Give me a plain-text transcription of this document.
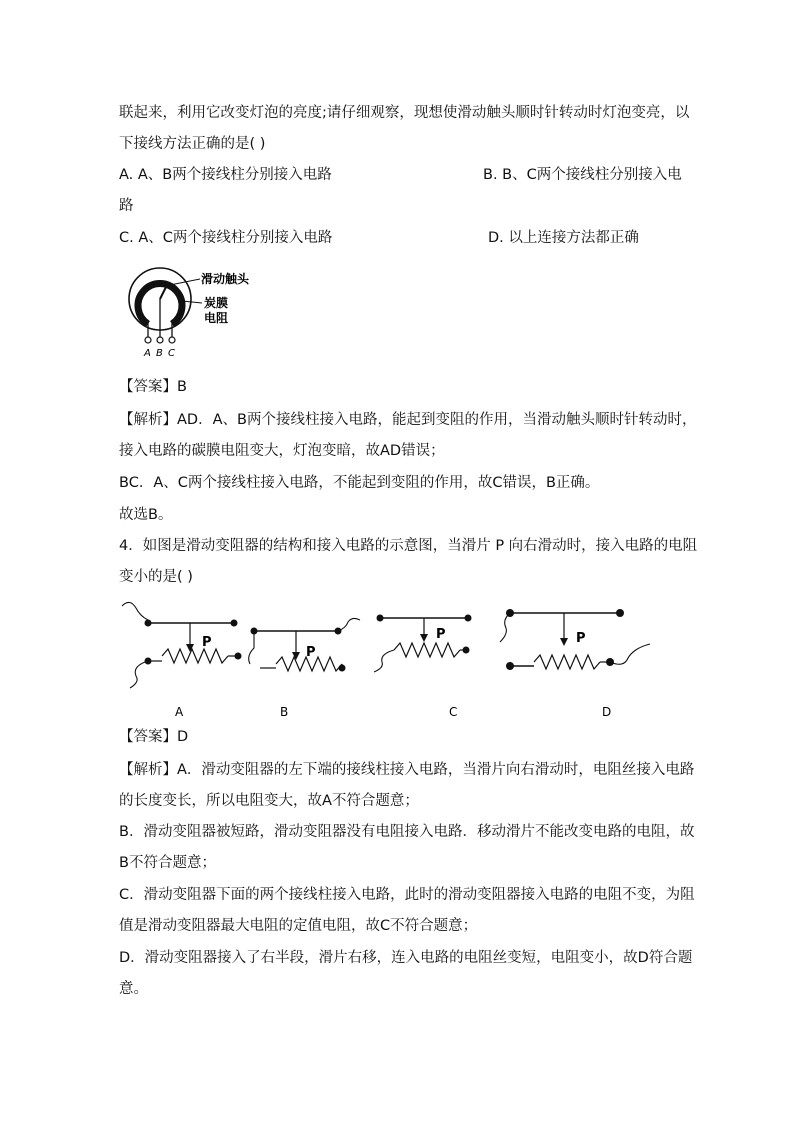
联起来，利用它改变灯泡的亮度;请仔细观察，现想使滑动触头顺时针转动时灯泡变亮，以
下接线方法正确的是( )
A. A、B两个接线柱分别接入电路	B. B、C两个接线柱分别接入电
路
C. A、C两个接线柱分别接入电路	D. 以上连接方法都正确
滑动触头
炭膜
电阻
A B C
【答案】B
【解析】AD．A、B两个接线柱接入电路，能起到变阻的作用，当滑动触头顺时针转动时，
接入电路的碳膜电阻变大，灯泡变暗，故AD错误；
BC．A、C两个接线柱接入电路，不能起到变阻的作用，故C错误，B正确。
故选B。
4．如图是滑动变阻器的结构和接入电路的示意图，当滑片 P 向右滑动时，接入电路的电阻
变小的是( )
P
A
P
B
P
C
P
D
【答案】D
【解析】A．滑动变阻器的左下端的接线柱接入电路，当滑片向右滑动时，电阻丝接入电路
的长度变长，所以电阻变大，故A不符合题意；
B．滑动变阻器被短路，滑动变阻器没有电阻接入电路．移动滑片不能改变电路的电阻，故
B不符合题意；
C．滑动变阻器下面的两个接线柱接入电路，此时的滑动变阻器接入电路的电阻不变，为阻
值是滑动变阻器最大电阻的定值电阻，故C不符合题意；
D．滑动变阻器接入了右半段，滑片右移，连入电路的电阻丝变短，电阻变小，故D符合题
意。
